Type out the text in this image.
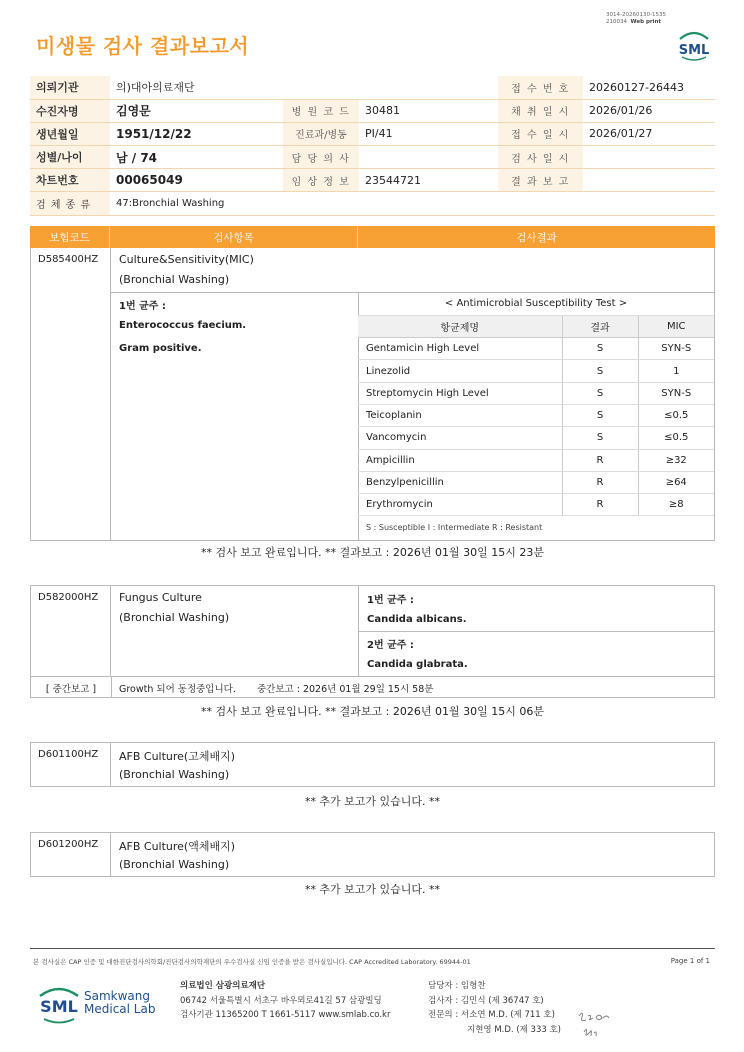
3014-20260130-1535
210034 Web print
미생물 검사 결과보고서	SML
의뢰기관	의)대아의료재단			접 수 번 호	20260127-26443
수진자명	김영문	병 원 코 드	30481	채 취 일 시	2026/01/26
생년월일	1951/12/22	진료과/병동	PI/41	접 수 일 시	2026/01/27
성별/나이	남 / 74	담 당 의 사		검 사 일 시	
차트번호	00065049	임 상 정 보	23544721	결 과 보 고	
검 체 종 류	47:Bronchial Washing				
보험코드	검사항목	검사결과
D585400HZ	Culture&Sensitivity(MIC)
(Bronchial Washing)
1번 균주 :
Enterococcus faecium.
Gram positive.
< Antimicrobial Susceptibility Test >		
항균제명	결과	MIC
Gentamicin High Level	S	SYN-S
Linezolid	S	1
Streptomycin High Level	S	SYN-S
Teicoplanin	S	≤0.5
Vancomycin	S	≤0.5
Ampicillin	R	≥32
Benzylpenicillin	R	≥64
Erythromycin	R	≥8
S : Susceptible I : Intermediate R : Resistant		
** 검사 보고 완료입니다. ** 결과보고 : 2026년 01월 30일 15시 23분
D582000HZ	Fungus Culture
(Bronchial Washing)
1번 균주 :
Candida albicans.
2번 균주 :
Candida glabrata.
[ 중간보고 ]	Growth 되어 동정중입니다.       중간보고 : 2026년 01월 29일 15시 58분
** 검사 보고 완료입니다. ** 결과보고 : 2026년 01월 30일 15시 06분
D601100HZ	AFB Culture(고체배지)
(Bronchial Washing)
** 추가 보고가 있습니다. **
D601200HZ	AFB Culture(액체배지)
(Bronchial Washing)
** 추가 보고가 있습니다. **
본 검사실은 CAP 인증 및 대한진단검사의학회/진단검사의학재단의 우수검사실 신임 인증을 받은 검사실입니다. CAP Accredited Laboratory. 69944-01	Page 1 of 1
SML
Samkwang
Medical Lab
의료법인 삼광의료재단
06742 서울특별시 서초구 바우뫼로41길 57 삼광빌딩
검사기관 11365200 T 1661-5117 www.smlab.co.kr
담당자 : 임형찬
검사자 : 김민식 (제 36747 호)
전문의 : 서소연 M.D. (제 711 호)
지현영 M.D. (제 333 호)
